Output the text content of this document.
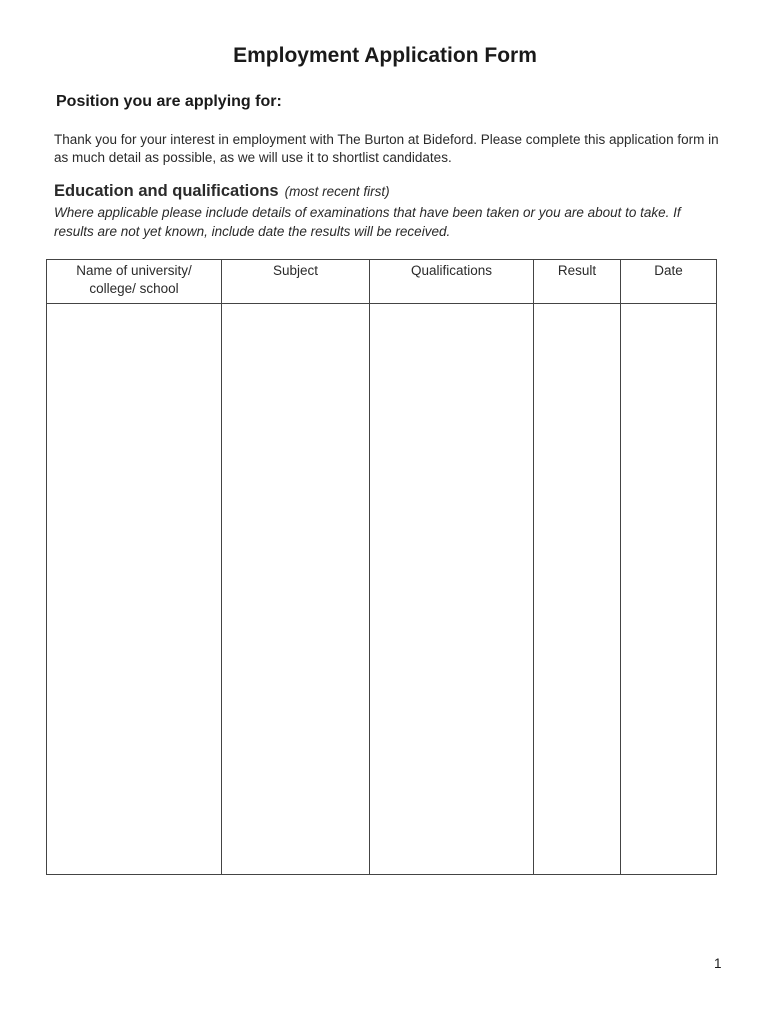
Employment Application Form
Position you are applying for:
Thank you for your interest in employment with The Burton at Bideford. Please complete this application form in as much detail as possible, as we will use it to shortlist candidates.
Education and qualifications (most recent first)
Where applicable please include details of examinations that have been taken or you are about to take. If results are not yet known, include date the results will be received.
Name of university/ college/ school	Subject	Qualifications	Result	Date

1
